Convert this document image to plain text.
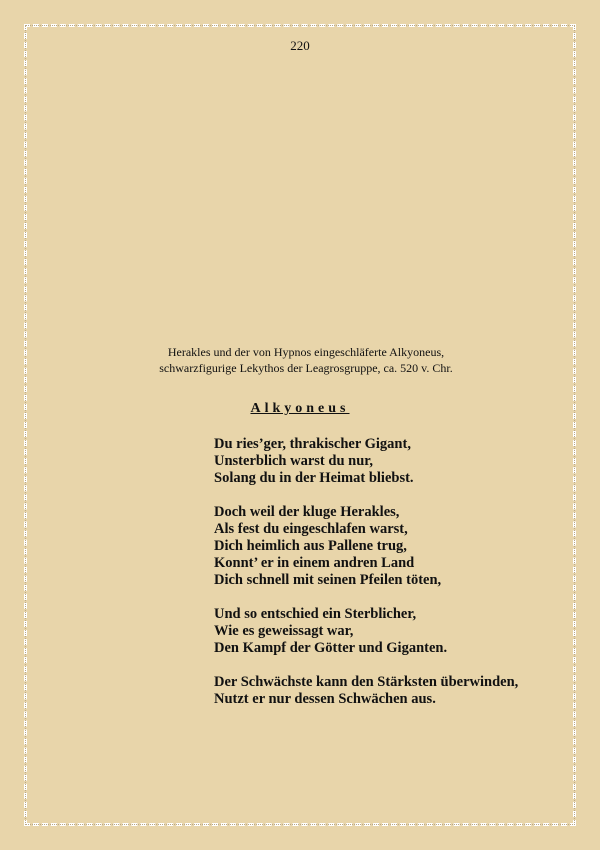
220
Herakles und der von Hypnos eingeschläferte Alkyoneus,
schwarzfigurige Lekythos der Leagrosgruppe, ca. 520 v. Chr.
Alkyoneus
Du ries’ger, thrakischer Gigant,
Unsterblich warst du nur,
Solang du in der Heimat bliebst.
Doch weil der kluge Herakles,
Als fest du eingeschlafen warst,
Dich heimlich aus Pallene trug,
Konnt’ er in einem andren Land
Dich schnell mit seinen Pfeilen töten,
Und so entschied ein Sterblicher,
Wie es geweissagt war,
Den Kampf der Götter und Giganten.
Der Schwächste kann den Stärksten überwinden,
Nutzt er nur dessen Schwächen aus.
